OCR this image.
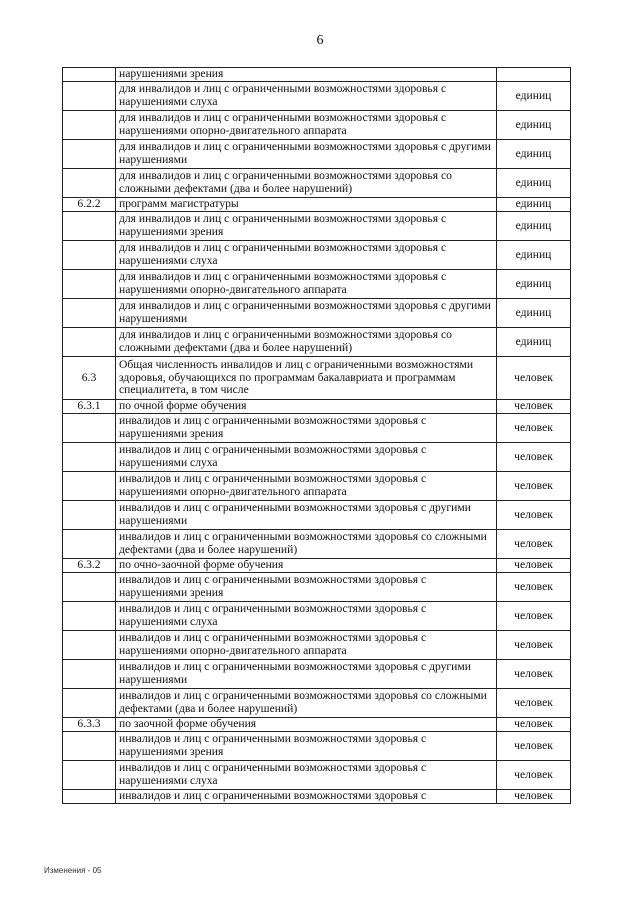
6
	нарушениями зрения	
	для инвалидов и лиц с ограниченными возможностями здоровья с нарушениями слуха	единиц
	для инвалидов и лиц с ограниченными возможностями здоровья с нарушениями опорно-двигательного аппарата	единиц
	для инвалидов и лиц с ограниченными возможностями здоровья с другими нарушениями	единиц
	для инвалидов и лиц с ограниченными возможностями здоровья со сложными дефектами (два и более нарушений)	единиц
6.2.2	программ магистратуры	единиц
	для инвалидов и лиц с ограниченными возможностями здоровья с нарушениями зрения	единиц
	для инвалидов и лиц с ограниченными возможностями здоровья с нарушениями слуха	единиц
	для инвалидов и лиц с ограниченными возможностями здоровья с нарушениями опорно-двигательного аппарата	единиц
	для инвалидов и лиц с ограниченными возможностями здоровья с другими нарушениями	единиц
	для инвалидов и лиц с ограниченными возможностями здоровья со сложными дефектами (два и более нарушений)	единиц
6.3	Общая численность инвалидов и лиц с ограниченными возможностями здоровья, обучающихся по программам бакалавриата и программам специалитета, в том числе	человек
6.3.1	по очной форме обучения	человек
	инвалидов и лиц с ограниченными возможностями здоровья с нарушениями зрения	человек
	инвалидов и лиц с ограниченными возможностями здоровья с нарушениями слуха	человек
	инвалидов и лиц с ограниченными возможностями здоровья с нарушениями опорно-двигательного аппарата	человек
	инвалидов и лиц с ограниченными возможностями здоровья с другими нарушениями	человек
	инвалидов и лиц с ограниченными возможностями здоровья со сложными дефектами (два и более нарушений)	человек
6.3.2	по очно-заочной форме обучения	человек
	инвалидов и лиц с ограниченными возможностями здоровья с нарушениями зрения	человек
	инвалидов и лиц с ограниченными возможностями здоровья с нарушениями слуха	человек
	инвалидов и лиц с ограниченными возможностями здоровья с нарушениями опорно-двигательного аппарата	человек
	инвалидов и лиц с ограниченными возможностями здоровья с другими нарушениями	человек
	инвалидов и лиц с ограниченными возможностями здоровья со сложными дефектами (два и более нарушений)	человек
6.3.3	по заочной форме обучения	человек
	инвалидов и лиц с ограниченными возможностями здоровья с нарушениями зрения	человек
	инвалидов и лиц с ограниченными возможностями здоровья с нарушениями слуха	человек
	инвалидов и лиц с ограниченными возможностями здоровья с	человек
Изменения - 05
